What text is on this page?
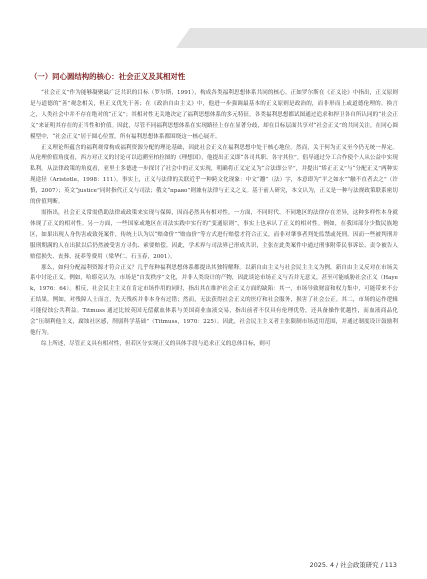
（一）同心圆结构的核心：社会正义及其相对性

“社会正义”作为能够凝聚最广泛共识的目标（罗尔斯，1991），构成各类福利思想体系共同的核心。正如罗尔斯在《正义论》中指出，正义原则是与道德的“善”观念相关，但正义优先于善；在《政治自由主义》中，他进一步强调最基本的正义原则是政治的，而非形而上或道德伦理的。换言之，人类社会中并不存在绝对的“正义”；其相对性无关地决定了福利思想体系的多元特征。各类福利思想都试图通过追求和捍卫各自所认同的“社会正义”来证明其存在的正当性和价值。因此，尽管不同福利思想体系在实现路径上存在显著分歧，却在目标层面共享对“社会正义”的共同关注，在同心圆模型中，“社会正义”居于圆心位置，所有福利思想体系都围绕这一核心展开。

正义理论所蕴含的福利观常构成福利资源分配的理论基础，因此社会正义在福利思想中处于核心地位。然而，关于何为正义至今仍无统一界定。从伦理价值角度看，西方对正义的讨论可以追溯至柏拉图的《理想国》，他提出正义即“各司其职、各守其位”，倡导通过分工合作使个人从公益中实现私利。从法律政策的角度看，亚里士多德进一步探讨了社会中的正义实现，明确将正义定义为“合法即公平”，并提出“矫正正义”与“分配正义”两种实现途径（Aristotle，1998：111）。事实上，正义与法律的关联近乎一种跨文化现象：中文“灋”（法）字，本意即为“平之如水”“触不直者去之”（许慎，2007）；英文“justice”同时指代正义与司法；俄文“право”则兼有法律与正义之义。基于前人研究，本文认为，正义是一种与法规政策联系密切的价值判断。

需指出，社会正义常需借助法律或政策来实现与保障，因而必然具有相对性。一方面，不同时代、不同地区的法律存在差异，这种多样性本身就体现了正义的相对性。另一方面，一些国家或地区在司法实践中实行的“变通原则”，事实上也承认了正义的相对性。例如，在我国部分少数民族地区，如果出现人身伤害或致死案件，传统上认为以“赔命价”“赔血价”等方式进行赔偿才符合正义，而非对肇事者判处监禁或死刑。因而一些被判刑并服刑期满的人在出狱以后仍然被受害方寻仇、索要赔偿。因此，学术界与司法界已形成共识，主张在此类案件中通过刑事附带民事诉讼、责令被告人赔偿损失、丧葬、抚养等费用（梁华仁、石玉春，2001）。

那么，如何分配福利资源才符合正义？几乎每种福利思想体系都提出其独特解释。以新自由主义与社会民主主义为例，新自由主义反对在市场关系中讨论正义。例如，哈耶克认为，市场是“自发秩序”文化，并非人类设计的产物，因此谈论市场正义与否并无意义，甚至可能威胁社会正义（Hayek，1976：64）。相反，社会民主主义在肯定市场作用的同时，指出其在维护社会正义方面的缺陷：其一，市场导致财富和权力集中，可能带来不公正结果。例如，对残障人士而言，先天残疾并非本身有过错；然而，无法获得社会正义的医疗和社会服务，损害了社会公正。其二，市场的运作逻辑可能侵蚀公共利益。Titmuss 通过比较英国无偿献血体系与美国商业血液交易，指出前者不仅具有伦理优势，还具备操作优越性，而血液商品化会“压制利他主义，腐蚀社区感，削弱科学基础”（Titmuss，1970：225）。因此，社会民主主义者主张限制市场适用范围，并通过制度设计鼓励利他行为。

综上所述，尽管正义具有相对性，但若区分实现正义的具体手段与追求正义的总体目标，则可

2025. 4 / 社会政策研究 / 113
